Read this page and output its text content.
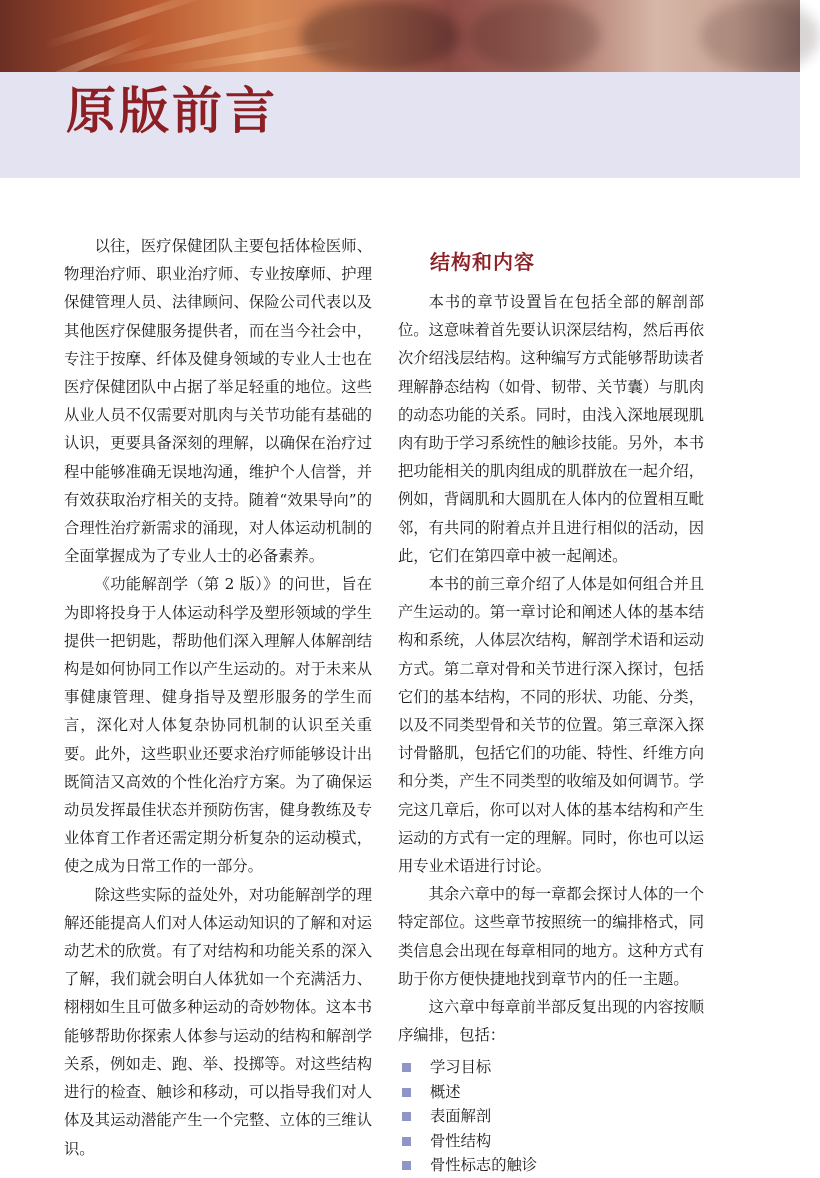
原版前言

以往，医疗保健团队主要包括体检医师、物理治疗师、职业治疗师、专业按摩师、护理保健管理人员、法律顾问、保险公司代表以及其他医疗保健服务提供者，而在当今社会中，专注于按摩、纤体及健身领域的专业人士也在医疗保健团队中占据了举足轻重的地位。这些从业人员不仅需要对肌肉与关节功能有基础的认识，更要具备深刻的理解，以确保在治疗过程中能够准确无误地沟通，维护个人信誉，并有效获取治疗相关的支持。随着“效果导向”的合理性治疗新需求的涌现，对人体运动机制的全面掌握成为了专业人士的必备素养。

《功能解剖学（第 2 版）》的问世，旨在为即将投身于人体运动科学及塑形领域的学生提供一把钥匙，帮助他们深入理解人体解剖结构是如何协同工作以产生运动的。对于未来从事健康管理、健身指导及塑形服务的学生而言，深化对人体复杂协同机制的认识至关重要。此外，这些职业还要求治疗师能够设计出既简洁又高效的个性化治疗方案。为了确保运动员发挥最佳状态并预防伤害，健身教练及专业体育工作者还需定期分析复杂的运动模式，使之成为日常工作的一部分。

除这些实际的益处外，对功能解剖学的理解还能提高人们对人体运动知识的了解和对运动艺术的欣赏。有了对结构和功能关系的深入了解，我们就会明白人体犹如一个充满活力、栩栩如生且可做多种运动的奇妙物体。这本书能够帮助你探索人体参与运动的结构和解剖学关系，例如走、跑、举、投掷等。对这些结构进行的检查、触诊和移动，可以指导我们对人体及其运动潜能产生一个完整、立体的三维认识。

结构和内容

本书的章节设置旨在包括全部的解剖部位。这意味着首先要认识深层结构，然后再依次介绍浅层结构。这种编写方式能够帮助读者理解静态结构（如骨、韧带、关节囊）与肌肉的动态功能的关系。同时，由浅入深地展现肌肉有助于学习系统性的触诊技能。另外，本书把功能相关的肌肉组成的肌群放在一起介绍，例如，背阔肌和大圆肌在人体内的位置相互毗邻，有共同的附着点并且进行相似的活动，因此，它们在第四章中被一起阐述。

本书的前三章介绍了人体是如何组合并且产生运动的。第一章讨论和阐述人体的基本结构和系统，人体层次结构，解剖学术语和运动方式。第二章对骨和关节进行深入探讨，包括它们的基本结构，不同的形状、功能、分类，以及不同类型骨和关节的位置。第三章深入探讨骨骼肌，包括它们的功能、特性、纤维方向和分类，产生不同类型的收缩及如何调节。学完这几章后，你可以对人体的基本结构和产生运动的方式有一定的理解。同时，你也可以运用专业术语进行讨论。

其余六章中的每一章都会探讨人体的一个特定部位。这些章节按照统一的编排格式，同类信息会出现在每章相同的地方。这种方式有助于你方便快捷地找到章节内的任一主题。

这六章中每章前半部反复出现的内容按顺序编排，包括：

学习目标
概述
表面解剖
骨性结构
骨性标志的触诊
